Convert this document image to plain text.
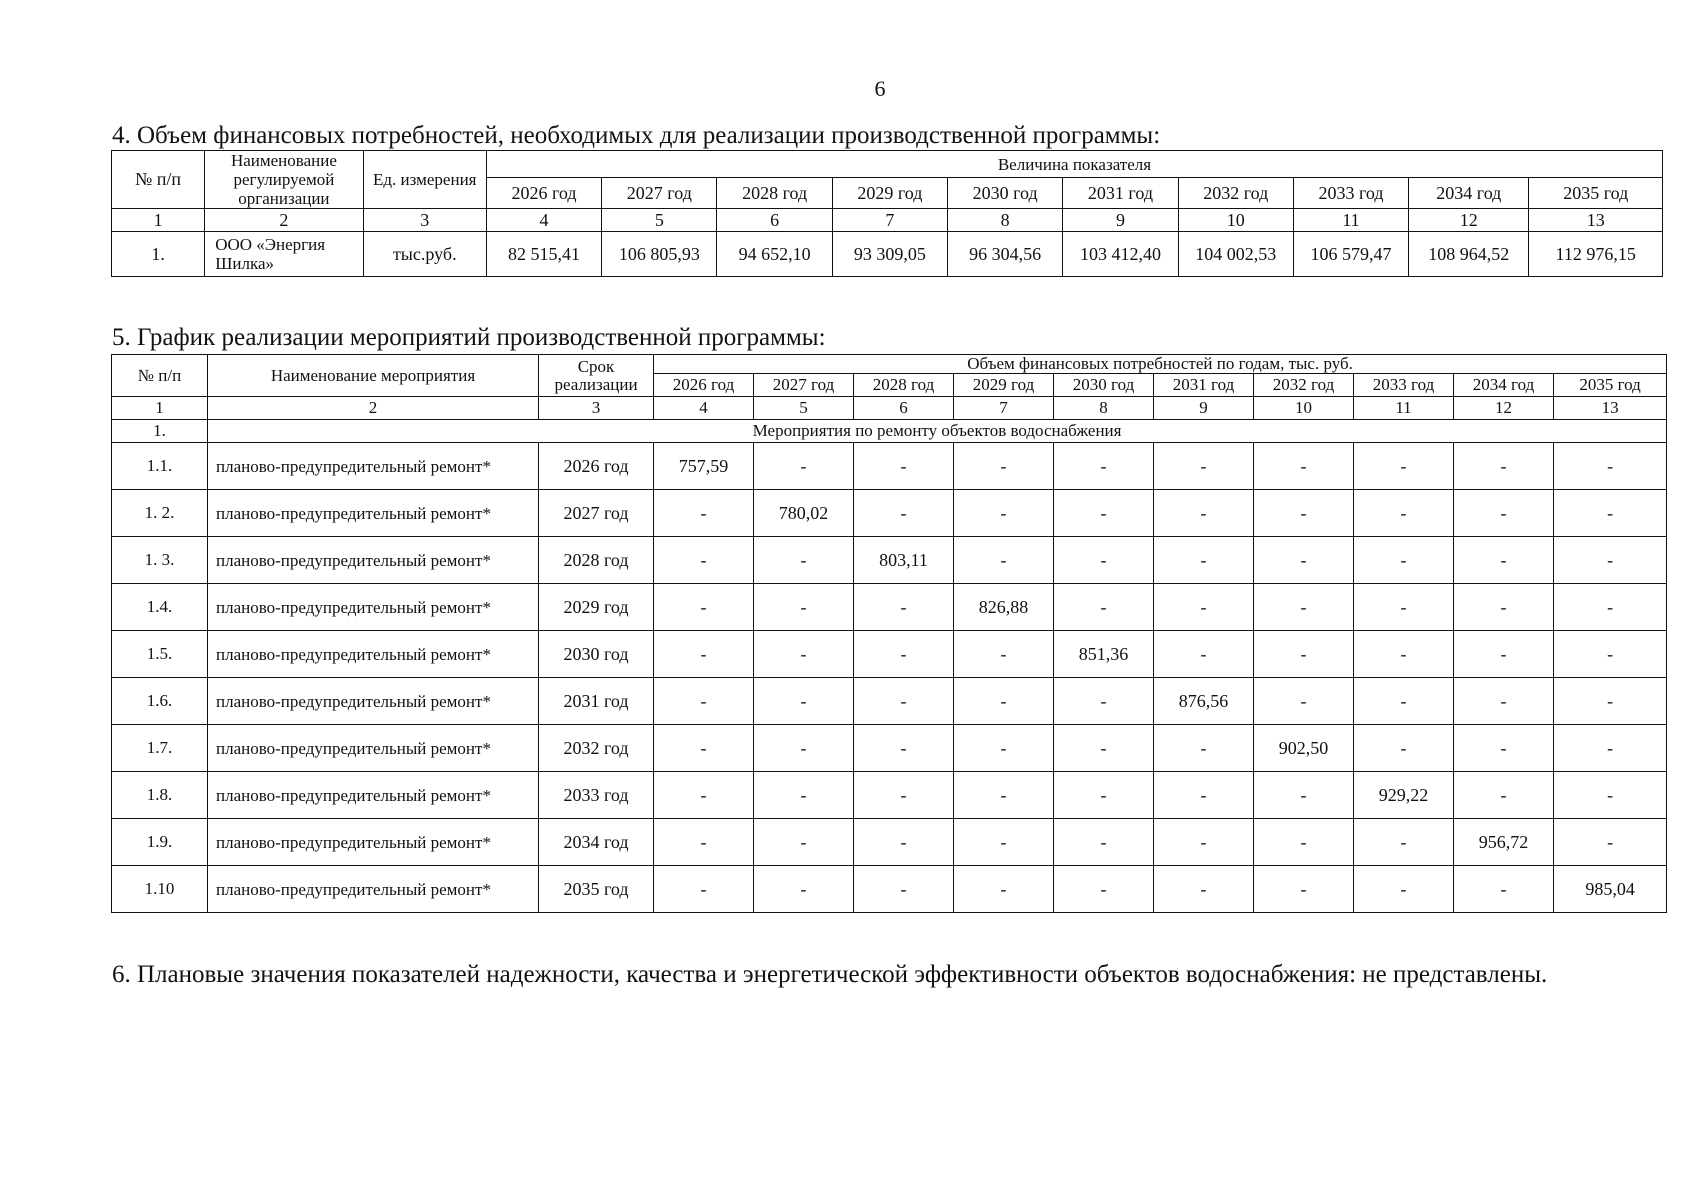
6
4. Объем финансовых потребностей, необходимых для реализации производственной программы:
№ п/п	Наименование регулируемой организации	Ед. измерения	Величина показателя									
			2026 год	2027 год	2028 год	2029 год	2030 год	2031 год	2032 год	2033 год	2034 год	2035 год
1	2	3	4	5	6	7	8	9	10	11	12	13
1.	ООО «Энергия Шилка»	тыс.руб.	82 515,41	106 805,93	94 652,10	93 309,05	96 304,56	103 412,40	104 002,53	106 579,47	108 964,52	112 976,15
5. График реализации мероприятий производственной программы:
№ п/п	Наименование мероприятия	Срок реализации	Объем финансовых потребностей по годам, тыс. руб.									
			2026 год	2027 год	2028 год	2029 год	2030 год	2031 год	2032 год	2033 год	2034 год	2035 год
1	2	3	4	5	6	7	8	9	10	11	12	13
1.	Мероприятия по ремонту объектов водоснабжения											
1.1.	планово-предупредительный ремонт*	2026 год	757,59	-	-	-	-	-	-	-	-	-
1. 2.	планово-предупредительный ремонт*	2027 год	-	780,02	-	-	-	-	-	-	-	-
1. 3.	планово-предупредительный ремонт*	2028 год	-	-	803,11	-	-	-	-	-	-	-
1.4.	планово-предупредительный ремонт*	2029 год	-	-	-	826,88	-	-	-	-	-	-
1.5.	планово-предупредительный ремонт*	2030 год	-	-	-	-	851,36	-	-	-	-	-
1.6.	планово-предупредительный ремонт*	2031 год	-	-	-	-	-	876,56	-	-	-	-
1.7.	планово-предупредительный ремонт*	2032 год	-	-	-	-	-	-	902,50	-	-	-
1.8.	планово-предупредительный ремонт*	2033 год	-	-	-	-	-	-	-	929,22	-	-
1.9.	планово-предупредительный ремонт*	2034 год	-	-	-	-	-	-	-	-	956,72	-
1.10	планово-предупредительный ремонт*	2035 год	-	-	-	-	-	-	-	-	-	985,04
6. Плановые значения показателей надежности, качества и энергетической эффективности объектов водоснабжения: не представлены.
